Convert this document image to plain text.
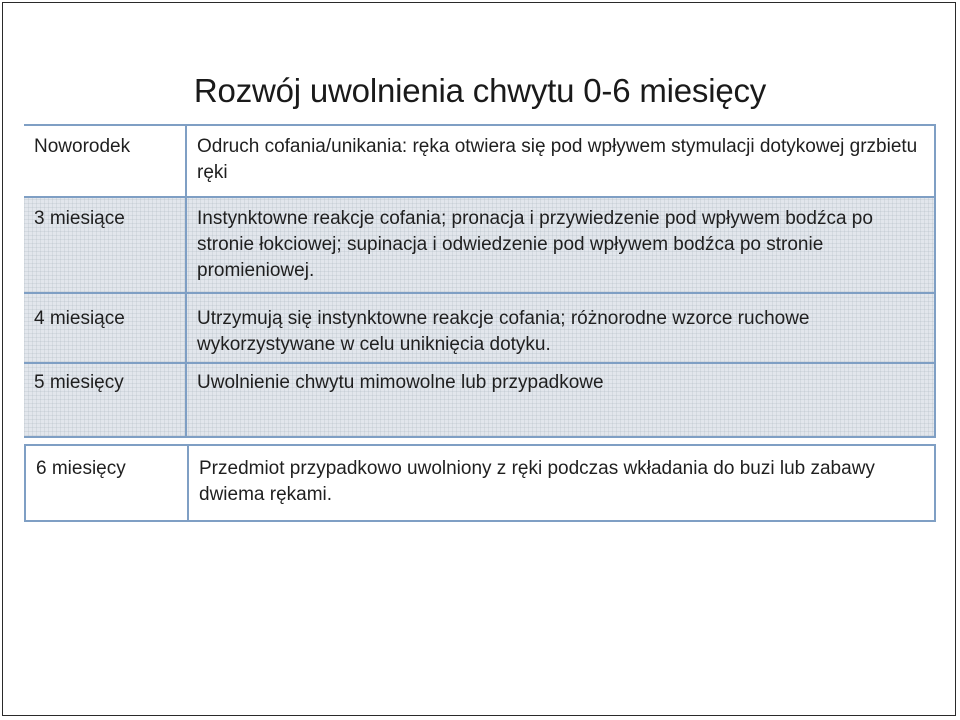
Rozwój uwolnienia chwytu 0-6 miesięcy
Noworodek	Odruch cofania/unikania: ręka otwiera się pod wpływem stymulacji dotykowej grzbietu ręki
3 miesiące	Instynktowne reakcje cofania; pronacja i przywiedzenie pod wpływem bodźca po stronie łokciowej; supinacja i odwiedzenie pod wpływem bodźca po stronie promieniowej.
4 miesiące	Utrzymują się instynktowne reakcje cofania; różnorodne wzorce ruchowe wykorzystywane w celu uniknięcia dotyku.
5 miesięcy	Uwolnienie chwytu mimowolne lub przypadkowe
6 miesięcy	Przedmiot przypadkowo uwolniony z ręki podczas wkładania do buzi lub zabawy dwiema rękami.
